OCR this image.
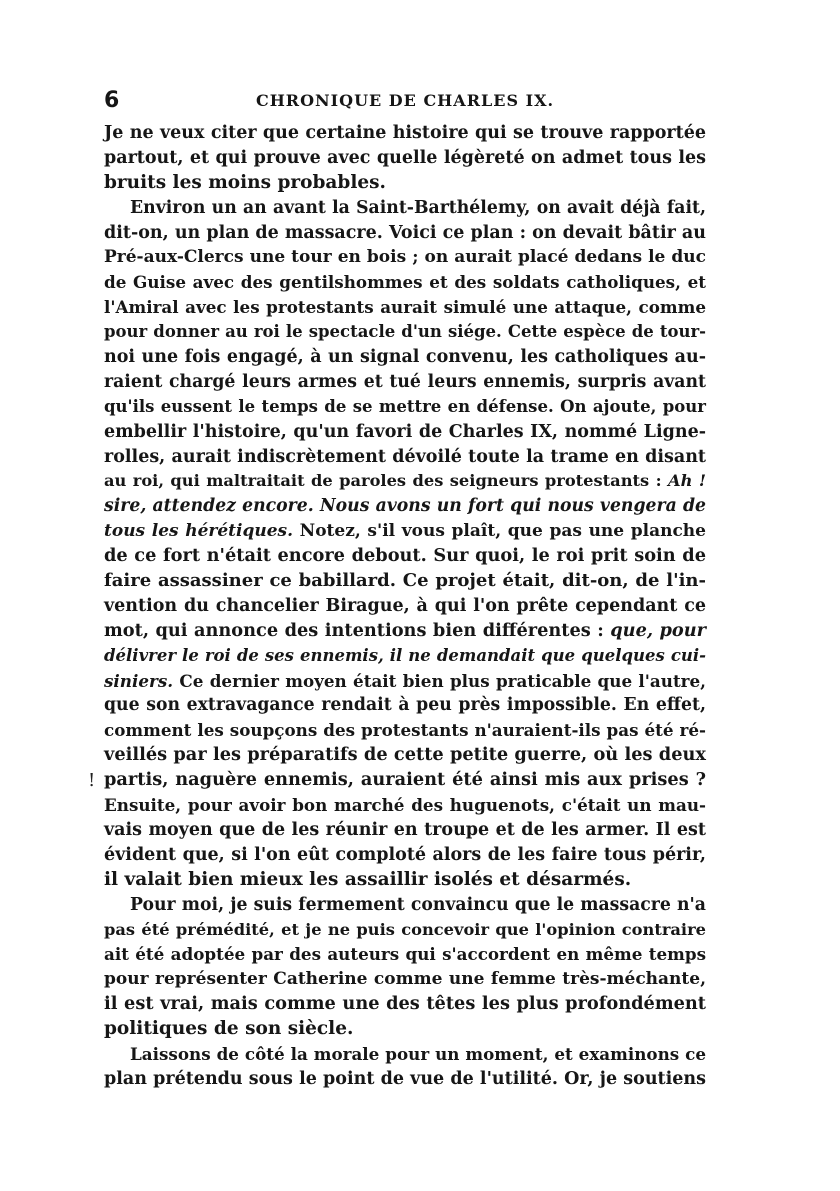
6	CHRONIQUE DE CHARLES IX.
!
Je ne veux citer que certaine histoire qui se trouve rapportée
partout, et qui prouve avec quelle légèreté on admet tous les
bruits les moins probables.
Environ un an avant la Saint-Barthélemy, on avait déjà fait,
dit-on, un plan de massacre. Voici ce plan : on devait bâtir au
Pré-aux-Clercs une tour en bois ; on aurait placé dedans le duc
de Guise avec des gentilshommes et des soldats catholiques, et
l'Amiral avec les protestants aurait simulé une attaque, comme
pour donner au roi le spectacle d'un siége. Cette espèce de tour-
noi une fois engagé, à un signal convenu, les catholiques au-
raient chargé leurs armes et tué leurs ennemis, surpris avant
qu'ils eussent le temps de se mettre en défense. On ajoute, pour
embellir l'histoire, qu'un favori de Charles IX, nommé Ligne-
rolles, aurait indiscrètement dévoilé toute la trame en disant
au roi, qui maltraitait de paroles des seigneurs protestants : Ah !
sire, attendez encore. Nous avons un fort qui nous vengera de
tous les hérétiques. Notez, s'il vous plaît, que pas une planche
de ce fort n'était encore debout. Sur quoi, le roi prit soin de
faire assassiner ce babillard. Ce projet était, dit-on, de l'in-
vention du chancelier Birague, à qui l'on prête cependant ce
mot, qui annonce des intentions bien différentes : que, pour
délivrer le roi de ses ennemis, il ne demandait que quelques cui-
siniers. Ce dernier moyen était bien plus praticable que l'autre,
que son extravagance rendait à peu près impossible. En effet,
comment les soupçons des protestants n'auraient-ils pas été ré-
veillés par les préparatifs de cette petite guerre, où les deux
partis, naguère ennemis, auraient été ainsi mis aux prises ?
Ensuite, pour avoir bon marché des huguenots, c'était un mau-
vais moyen que de les réunir en troupe et de les armer. Il est
évident que, si l'on eût comploté alors de les faire tous périr,
il valait bien mieux les assaillir isolés et désarmés.
Pour moi, je suis fermement convaincu que le massacre n'a
pas été prémédité, et je ne puis concevoir que l'opinion contraire
ait été adoptée par des auteurs qui s'accordent en même temps
pour représenter Catherine comme une femme très-méchante,
il est vrai, mais comme une des têtes les plus profondément
politiques de son siècle.
Laissons de côté la morale pour un moment, et examinons ce
plan prétendu sous le point de vue de l'utilité. Or, je soutiens
